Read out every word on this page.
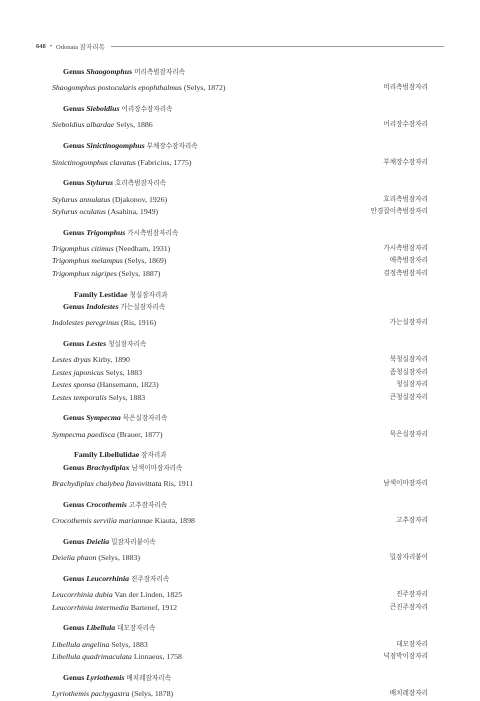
648 • Odonata 잠자리목
Genus Shaogomphus 머리측범잠자리속
Shaogomphus postocularis epophthalmus (Selys, 1872)	머리측범잠자리
Genus Sieboldius 어리장수잠자리속
Sieboldius albardae Selys, 1886	어리장수잠자리
Genus Sinictinogomphus 부채장수잠자리속
Sinictinogomphus clavatus (Fabricius, 1775)	부채장수잠자리
Genus Stylurus 호리측범잠자리속
Stylurus annulatus (Djakonov, 1926)	호리측범잠자리
Stylurus oculatus (Asahina, 1949)	안경잡이측범잠자리
Genus Trigomphus 가시측범잠자리속
Trigomphus citimus (Needham, 1931)	가시측범잠자리
Trigomphus melampus (Selys, 1869)	애측범잠자리
Trigomphus nigripes (Selys, 1887)	검정측범잠자리
Family Lestidae 청실잠자리과
Genus Indolestes 가는실잠자리속
Indolestes peregrinus (Ris, 1916)	가는실잠자리
Genus Lestes 청실잠자리속
Lestes dryas Kirby, 1890	북청실잠자리
Lestes japonicus Selys, 1883	좀청실잠자리
Lestes sponsa (Hansemann, 1823)	청실잠자리
Lestes temporalis Selys, 1883	큰청실잠자리
Genus Sympecma 묵은실잠자리속
Sympecma paedisca (Brauer, 1877)	묵은실잠자리
Family Libellulidae 잠자리과
Genus Brachydiplax 남색이마잠자리속
Brachydiplax chalybea flavovittata Ris, 1911	남색이마잠자리
Genus Crocothemis 고추잠자리속
Crocothemis servilia mariannae Kiauta, 1898	고추잠자리
Genus Deielia 밀잠자리붙이속
Deielia phaon (Selys, 1883)	밀잠자리붙이
Genus Leucorrhinia 진주잠자리속
Leucorrhinia dubia Van der Linden, 1825	진주잠자리
Leucorrhinia intermedia Bartenef, 1912	큰진주잠자리
Genus Libellula 대모잠자리속
Libellula angelina Selys, 1883	대모잠자리
Libellula quadrimaculata Linnaeus, 1758	넉점박이잠자리
Genus Lyriothemis 배치레잠자리속
Lyriothemis pachygastra (Selys, 1878)	배치레잠자리
